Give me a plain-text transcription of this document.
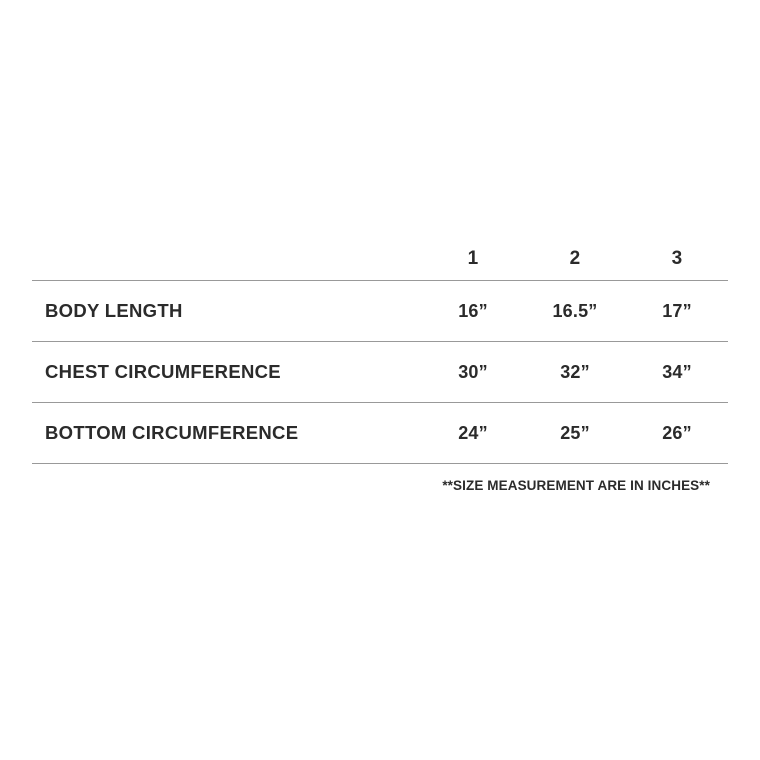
	1	2	3
BODY LENGTH	16”	16.5”	17”
CHEST CIRCUMFERENCE	30”	32”	34”
BOTTOM CIRCUMFERENCE	24”	25”	26”
**SIZE MEASUREMENT ARE IN INCHES**
